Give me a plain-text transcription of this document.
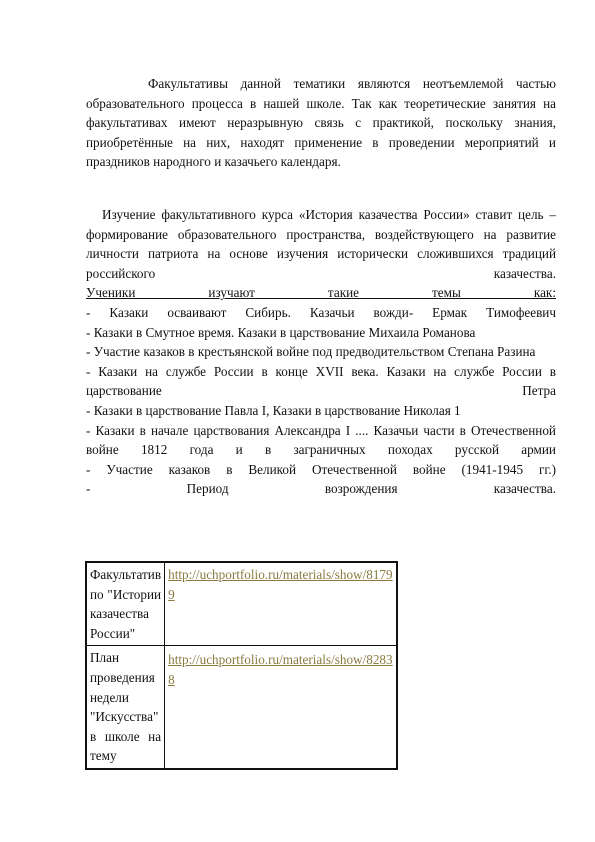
Факультативы данной тематики являются неотъемлемой частью образовательного процесса в нашей школе. Так как теоретические занятия на факультативах имеют неразрывную связь с практикой, поскольку знания, приобретённые на них, находят применение в проведении мероприятий и праздников народного и казачьего календаря.

Изучение факультативного курса «История казачества России» ставит цель – формирование образовательного пространства, воздействующего на развитие личности патриота на основе изучения исторически сложившихся традиций российского казачества.

Ученики изучают такие темы как:

- Казаки осваивают Сибирь. Казачьи вожди- Ермак Тимофеевич

- Казаки в Смутное время. Казаки в царствование Михаила Романова

- Участие казаков в крестьянской войне под предводительством Степана Разина

- Казаки на службе России в конце XVII века. Казаки на службе России в царствование Петра

- Казаки в царствование Павла I, Казаки в царствование Николая 1

- Казаки в начале царствования Александра I .... Казачьи части в Отечественной войне 1812 года и в заграничных походах русской армии

- Участие казаков в Великой Отечественной войне (1941-1945 гг.)

- Период возрождения казачества.

Факультатив по "Истории казачества России"	http://uchportfolio.ru/materials/show/81799
План проведения недели "Искусства" в школе на тему	http://uchportfolio.ru/materials/show/82838
